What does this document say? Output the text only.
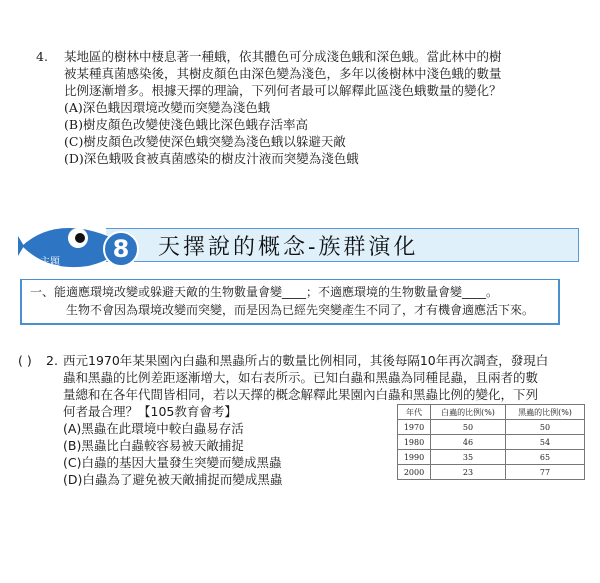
4. 某地區的樹林中棲息著一種蛾，依其體色可分成淺色蛾和深色蛾。當此林中的樹
被某種真菌感染後，其樹皮顏色由深色變為淺色，多年以後樹林中淺色蛾的數量
比例逐漸增多。根據天擇的理論，下列何者最可以解釋此區淺色蛾數量的變化？
(A)深色蛾因環境改變而突變為淺色蛾
(B)樹皮顏色改變使淺色蛾比深色蛾存活率高
(C)樹皮顏色改變使深色蛾突變為淺色蛾以躲避天敵
(D)深色蛾吸食被真菌感染的樹皮汁液而突變為淺色蛾
主題	8	天擇說的概念-族群演化
一、能適應環境改變或躲避天敵的生物數量會變____；不適應環境的生物數量會變____。
生物不會因為環境改變而突變，而是因為已經先突變產生不同了，才有機會適應活下來。
( ) 2. 西元1970年某果園內白蟲和黑蟲所占的數量比例相同，其後每隔10年再次調查，發現白
蟲和黑蟲的比例差距逐漸增大，如右表所示。已知白蟲和黑蟲為同種昆蟲，且兩者的數
量總和在各年代間皆相同，若以天擇的概念解釋此果園內白蟲和黑蟲比例的變化，下列
何者最合理？【105教育會考】
(A)黑蟲在此環境中較白蟲易存活
(B)黑蟲比白蟲較容易被天敵捕捉
(C)白蟲的基因大量發生突變而變成黑蟲
(D)白蟲為了避免被天敵捕捉而變成黑蟲
年代	白蟲的比例(%)	黑蟲的比例(%)
1970	50	50
1980	46	54
1990	35	65
2000	23	77
